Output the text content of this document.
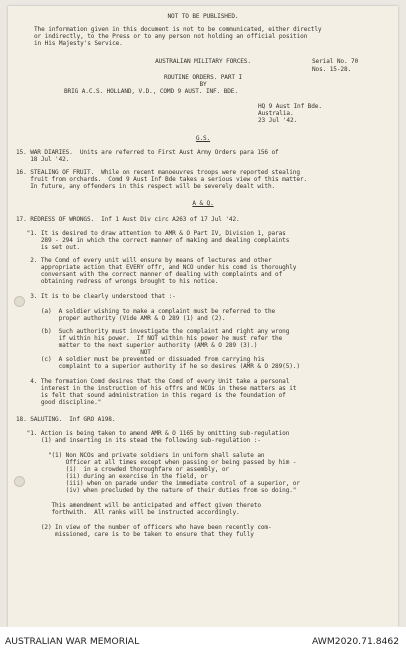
NOT TO BE PUBLISHED.
The information given in this document is not to be communicated, either directly
or indirectly, to the Press or to any person not holding an official position
in His Majesty's Service.
AUSTRALIAN MILITARY FORCES.	Serial No. 70
Nos. 15-28.
ROUTINE ORDERS. PART I
BY
BRIG A.C.S. HOLLAND, V.D., COMD 9 AUST. INF. BDE.
HQ 9 Aust Inf Bde.
Australia.
23 Jul '42.
G.S.
15. WAR DIARIES.  Units are referred to First Aust Army Orders para 156 of
18 Jul '42.
16. STEALING OF FRUIT.  While on recent manoeuvres troops were reported stealing
fruit from orchards.  Comd 9 Aust Inf Bde takes a serious view of this matter.
In future, any offenders in this respect will be severely dealt with.
A & Q.
17. REDRESS OF WRONGS.  Inf 1 Aust Div circ A263 of 17 Jul '42.
"1. It is desired to draw attention to AMR & O Part IV, Division 1, paras
289 - 294 in which the correct manner of making and dealing complaints
is set out.
2. The Comd of every unit will ensure by means of lectures and other
appropriate action that EVERY offr, and NCO under his comd is thoroughly
conversant with the correct manner of dealing with complaints and of
obtaining redress of wrongs brought to his notice.
3. It is to be clearly understood that :-
(a)  A soldier wishing to make a complaint must be referred to the
proper authority (Vide AMR & O 289 (1) and (2).
(b)  Such authority must investigate the complaint and right any wrong
if within his power.  If NOT within his power he must refer the
matter to the next superior authority (AMR & O 289 (3).)
NOT
(c)  A soldier must be prevented or dissuaded from carrying his
complaint to a superior authority if he so desires (AMR & O 289(5).)
4. The formation Comd desires that the Comd of every Unit take a personal
interest in the instruction of his offrs and NCOs in these matters as it
is felt that sound administration in this regard is the foundation of
good discipline."
18. SALUTING.  Inf GRO A198.
"1. Action is being taken to amend AMR & O 1165 by omitting sub-regulation
(1) and inserting in its stead the following sub-regulation :-
"(1) Non NCOs and private soldiers in uniform shall salute an
Officer at all times except when passing or being passed by him -
(i)  in a crowded thoroughfare or assembly, or
(ii) during an exercise in the field, or
(iii) when on parade under the immediate control of a superior, or
(iv) when precluded by the nature of their duties from so doing."
This amendment will be anticipated and effect given thereto
forthwith.  All ranks will be instructed accordingly.
(2) In view of the number of officers who have been recently com-
missioned, care is to be taken to ensure that they fully
AUSTRALIAN WAR MEMORIAL	AWM2020.71.8462
